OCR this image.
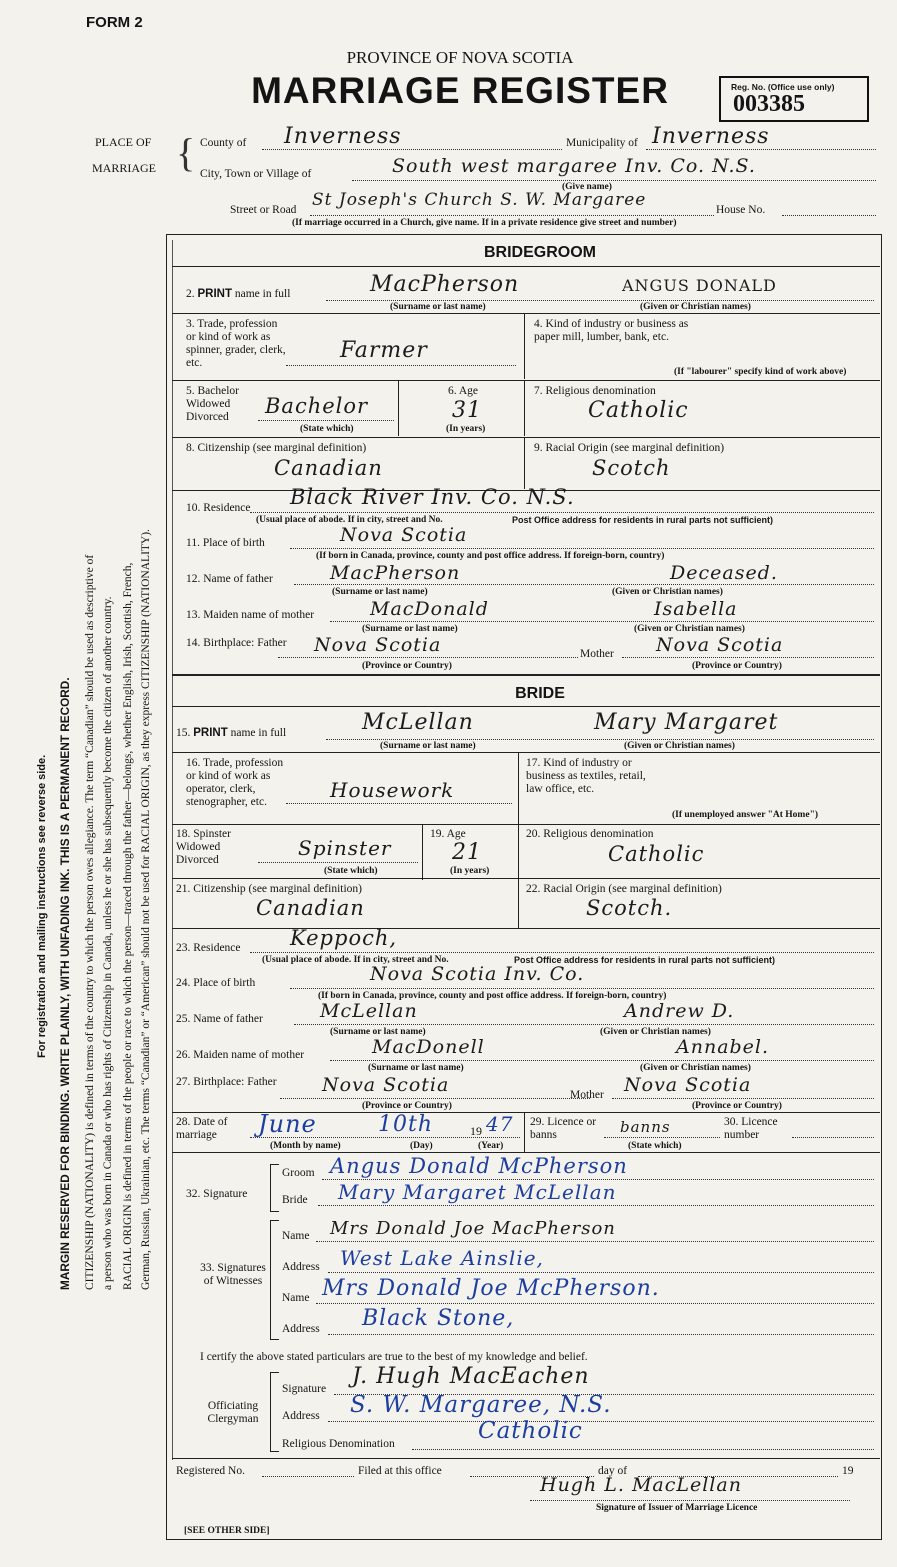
FORM 2
PROVINCE OF NOVA SCOTIA
MARRIAGE REGISTER	Reg. No. (Office use only)
003385
For registration and mailing instructions see reverse side. MARGIN RESERVED FOR BINDING. WRITE PLAINLY, WITH UNFADING INK. THIS IS A PERMANENT RECORD. CITIZENSHIP (NATIONALITY) is defined in terms of the country to which the person owes allegiance. The term “Canadian” should be used as descriptive of a person who was born in Canada or who has rights of Citizenship in Canada, unless he or she has subsequently become the citizen of another country. RACIAL ORIGIN is defined in terms of the people or race to which the person—traced through the father—belongs, whether English, Irish, Scottish, French, German, Russian, Ukrainian, etc. The terms “Canadian” or “American” should not be used for RACIAL ORIGIN, as they express CITIZENSHIP (NATIONALITY).
PLACE OF
MARRIAGE { County of Inverness	Municipality of Inverness
City, Town or Village of	South west margaree Inv. Co. N.S.
(Give name)
Street or Road St Joseph's Church S. W. Margaree	House No.
(If marriage occurred in a Church, give name. If in a private residence give street and number)
BRIDEGROOM
2. PRINT name in full	MacPherson	ANGUS DONALD
(Surname or last name)	(Given or Christian names)
3. Trade, profession or kind of work as spinner, grader, clerk, etc.	Farmer
4. Kind of industry or business as paper mill, lumber, bank, etc.
(If "labourer" specify kind of work above)
5. Bachelor Widowed Divorced	Bachelor
(State which)
6. Age
31
(In years)
7. Religious denomination
Catholic
8. Citizenship (see marginal definition)
Canadian
9. Racial Origin (see marginal definition)
Scotch
10. Residence Black River Inv. Co. N.S.
(Usual place of abode. If in city, street and No.	Post Office address for residents in rural parts not sufficient)
11. Place of birth	Nova Scotia
(If born in Canada, province, county and post office address. If foreign-born, country)
12. Name of father	MacPherson	Deceased.
(Surname or last name)	(Given or Christian names)
13. Maiden name of mother	MacDonald	Isabella
(Surname or last name)	(Given or Christian names)
14. Birthplace: Father	Nova Scotia	Mother Nova Scotia
(Province or Country)	(Province or Country)
BRIDE
15. PRINT name in full	McLellan	Mary Margaret
(Surname or last name)	(Given or Christian names)
16. Trade, profession or kind of work as operator, clerk, stenographer, etc.	Housework
17. Kind of industry or business as textiles, retail, law office, etc.
(If unemployed answer "At Home")
18. Spinster Widowed Divorced	Spinster
(State which)
19. Age
21
(In years)
20. Religious denomination
Catholic
21. Citizenship (see marginal definition)
Canadian
22. Racial Origin (see marginal definition)
Scotch.
23. Residence Keppoch,
(Usual place of abode. If in city, street and No.	Post Office address for residents in rural parts not sufficient)
24. Place of birth	Nova Scotia Inv. Co.
(If born in Canada, province, county and post office address. If foreign-born, country)
25. Name of father	McLellan	Andrew D.
(Surname or last name)	(Given or Christian names)
26. Maiden name of mother	MacDonell	Annabel.
(Surname or last name)	(Given or Christian names)
27. Birthplace: Father	Nova Scotia	Mother Nova Scotia
(Province or Country)	(Province or Country)
28. Date of marriage	June	10th	19 47
(Month by name)	(Day)	(Year)
29. Licence or banns	banns
(State which)
30. Licence number
32. Signature
Groom Angus Donald McPherson
Bride Mary Margaret McLellan
33. Signatures of Witnesses
Name Mrs Donald Joe MacPherson
Address West Lake Ainslie,
Name Mrs Donald Joe McPherson.
Address Black Stone,
I certify the above stated particulars are true to the best of my knowledge and belief.
Officiating Clergyman
Signature J. Hugh MacEachen
Address S. W. Margaree, N.S.
Religious Denomination	Catholic
Registered No.	Filed at this office	day of	19
Hugh L. MacLellan
Signature of Issuer of Marriage Licence
[SEE OTHER SIDE]
